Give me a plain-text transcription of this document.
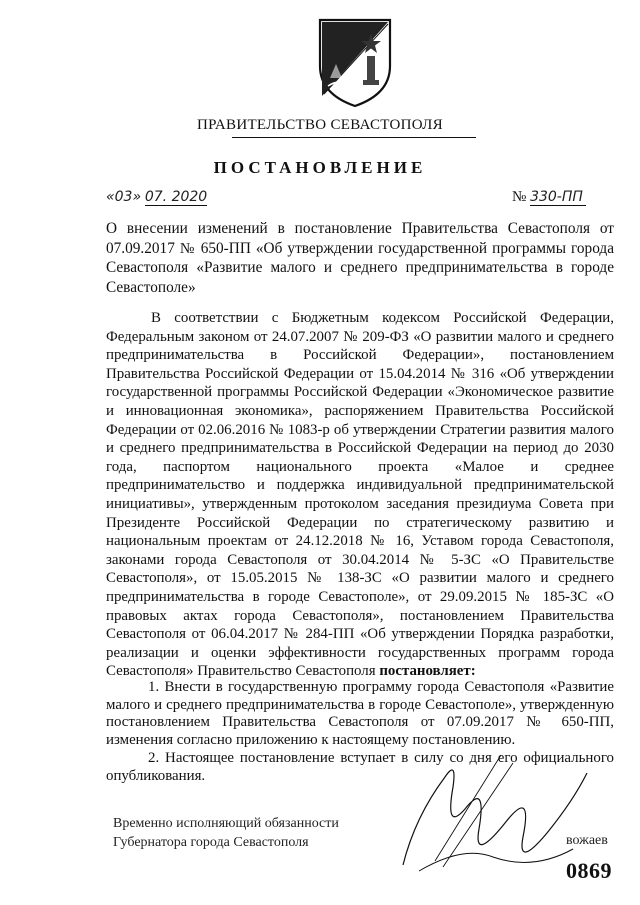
ПРАВИТЕЛЬСТВО СЕВАСТОПОЛЯ
ПОСТАНОВЛЕНИЕ
«03» 07. 2020	№ 330-ПП
О внесении изменений в постановление Правительства Севастополя от 07.09.2017 № 650-ПП «Об утверждении государственной программы города Севастополя «Развитие малого и среднего предпринимательства в городе Севастополе»
В соответствии с Бюджетным кодексом Российской Федерации, Федеральным законом от 24.07.2007 № 209-ФЗ «О развитии малого и среднего предпринимательства в Российской Федерации», постановлением Правительства Российской Федерации от 15.04.2014 № 316 «Об утверждении государственной программы Российской Федерации «Экономическое развитие и инновационная экономика», распоряжением Правительства Российской Федерации от 02.06.2016 № 1083-р об утверждении Стратегии развития малого и среднего предпринимательства в Российской Федерации на период до 2030 года, паспортом национального проекта «Малое и среднее предпринимательство и поддержка индивидуальной предпринимательской инициативы», утвержденным протоколом заседания президиума Совета при Президенте Российской Федерации по стратегическому развитию и национальным проектам от 24.12.2018 № 16, Уставом города Севастополя, законами города Севастополя от 30.04.2014 № 5-ЗС «О Правительстве Севастополя», от 15.05.2015 № 138-ЗС «О развитии малого и среднего предпринимательства в городе Севастополе», от 29.09.2015 № 185-ЗС «О правовых актах города Севастополя», постановлением Правительства Севастополя от 06.04.2017 № 284-ПП «Об утверждении Порядка разработки, реализации и оценки эффективности государственных программ города Севастополя» Правительство Севастополя постановляет:

1. Внести в государственную программу города Севастополя «Развитие малого и среднего предпринимательства в городе Севастополе», утвержденную постановлением Правительства Севастополя от 07.09.2017 № 650-ПП, изменения согласно приложению к настоящему постановлению.

2. Настоящее постановление вступает в силу со дня его официального опубликования.

Временно исполняющий обязанности
Губернатора города Севастополя	вожаев
0869
